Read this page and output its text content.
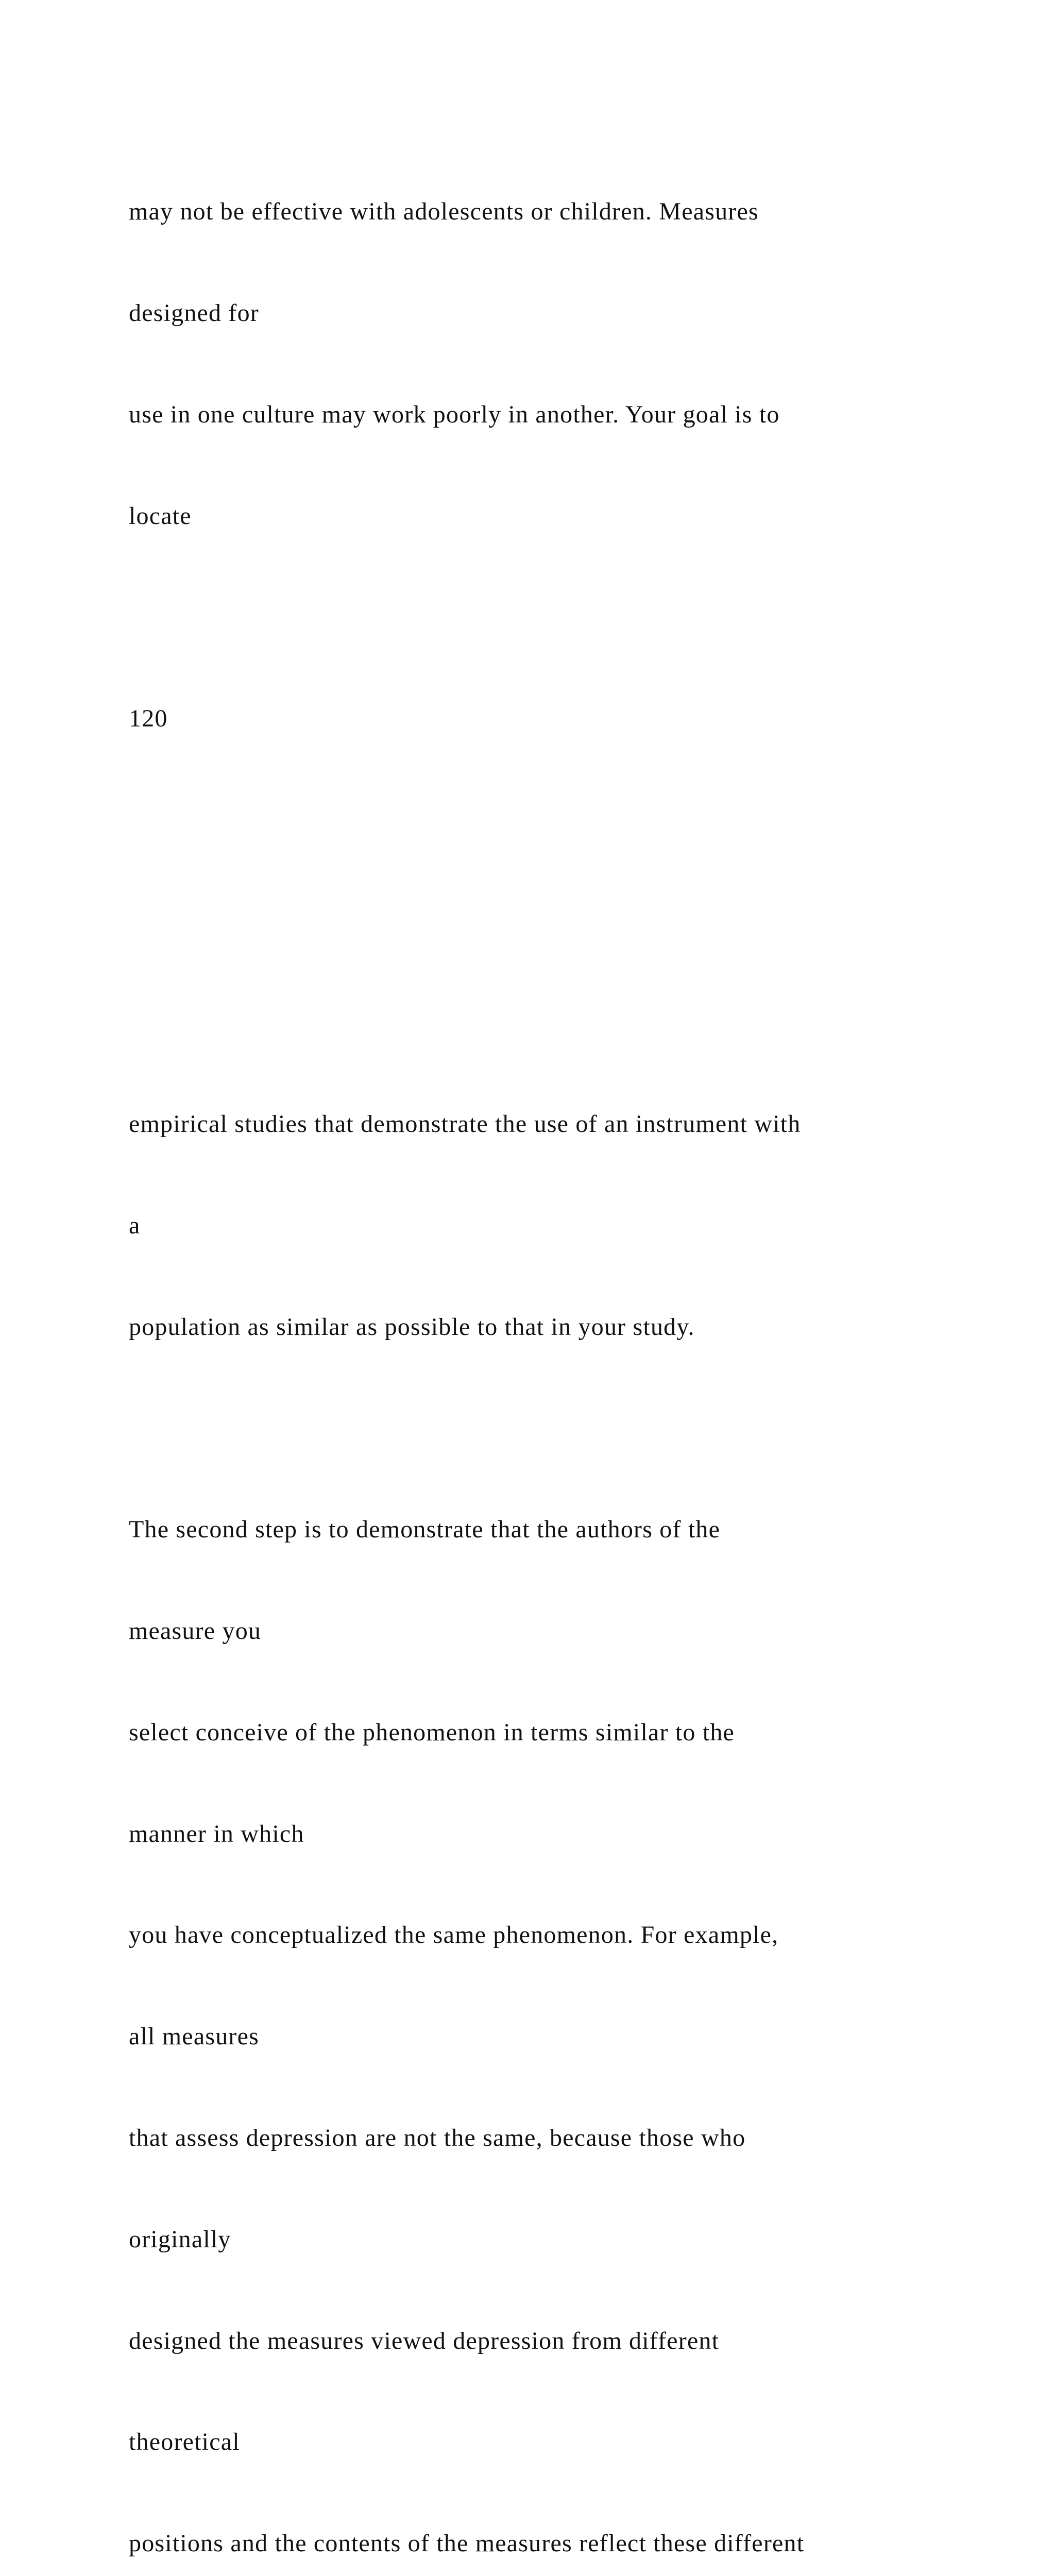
may not be effective with adolescents or children. Measures

designed for

use in one culture may work poorly in another. Your goal is to

locate

120

empirical studies that demonstrate the use of an instrument with

a

population as similar as possible to that in your study.

The second step is to demonstrate that the authors of the

measure you

select conceive of the phenomenon in terms similar to the

manner in which

you have conceptualized the same phenomenon. For example,

all measures

that assess depression are not the same, because those who

originally

designed the measures viewed depression from different

theoretical

positions and the contents of the measures reflect these different
